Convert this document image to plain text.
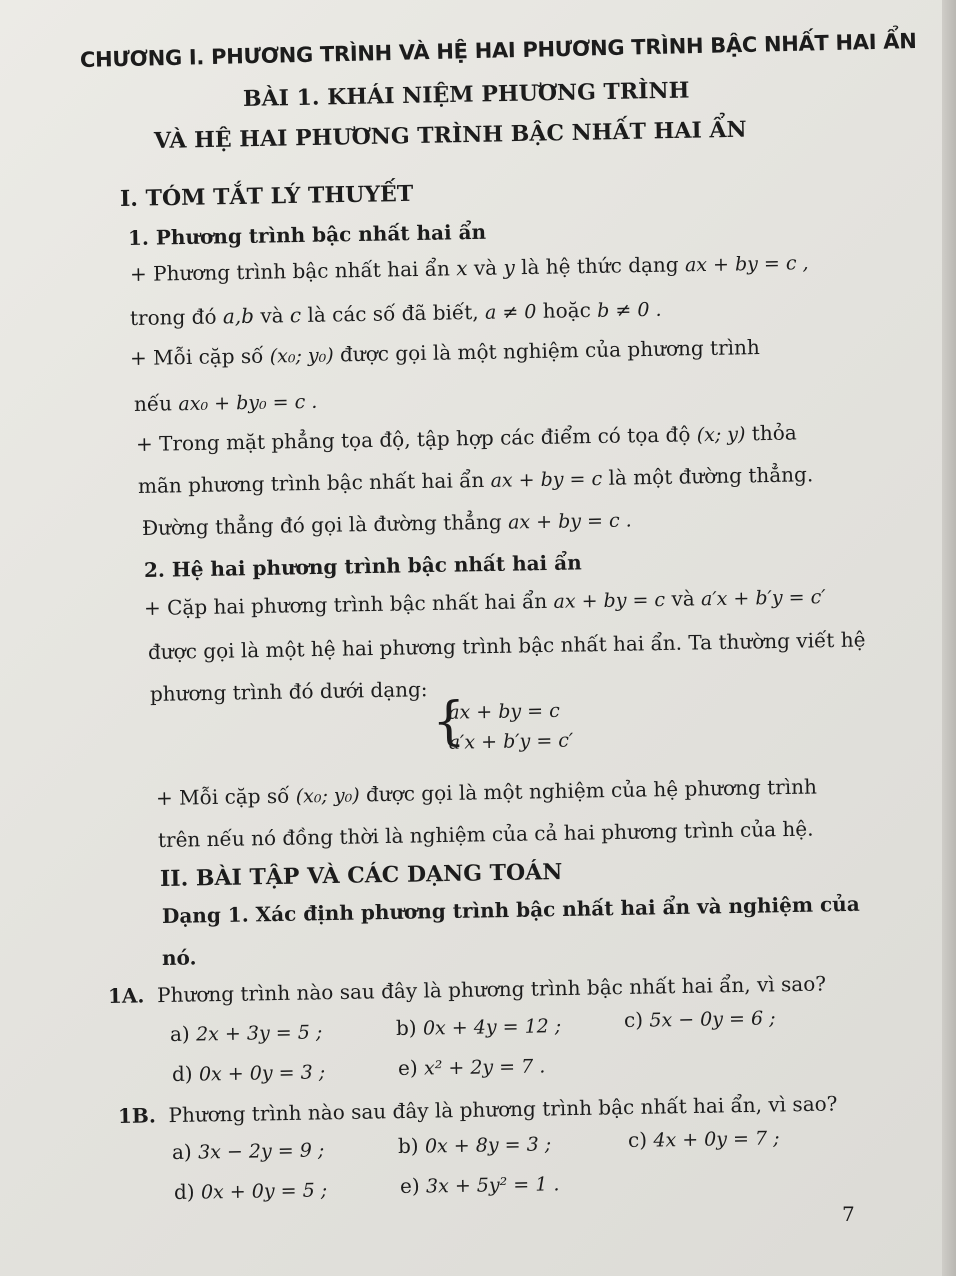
CHƯƠNG I. PHƯƠNG TRÌNH VÀ HỆ HAI PHƯƠNG TRÌNH BẬC NHẤT HAI ẨN
BÀI 1. KHÁI NIỆM PHƯƠNG TRÌNH
VÀ HỆ HAI PHƯƠNG TRÌNH BẬC NHẤT HAI ẨN
I. TÓM TẮT LÝ THUYẾT
1. Phương trình bậc nhất hai ẩn
+ Phương trình bậc nhất hai ẩn x và y là hệ thức dạng ax + by = c ,
trong đó a,b và c là các số đã biết, a ≠ 0 hoặc b ≠ 0 .
+ Mỗi cặp số (x₀; y₀) được gọi là một nghiệm của phương trình
nếu ax₀ + by₀ = c .
+ Trong mặt phẳng tọa độ, tập hợp các điểm có tọa độ (x; y) thỏa
mãn phương trình bậc nhất hai ẩn ax + by = c là một đường thẳng.
Đường thẳng đó gọi là đường thẳng ax + by = c .
2. Hệ hai phương trình bậc nhất hai ẩn
+ Cặp hai phương trình bậc nhất hai ẩn ax + by = c và a′x + b′y = c′
được gọi là một hệ hai phương trình bậc nhất hai ẩn. Ta thường viết hệ
phương trình đó dưới dạng: {
ax + by = c
a′x + b′y = c′
+ Mỗi cặp số (x₀; y₀) được gọi là một nghiệm của hệ phương trình
trên nếu nó đồng thời là nghiệm của cả hai phương trình của hệ.
II. BÀI TẬP VÀ CÁC DẠNG TOÁN
Dạng 1. Xác định phương trình bậc nhất hai ẩn và nghiệm của
nó.
1A. Phương trình nào sau đây là phương trình bậc nhất hai ẩn, vì sao?
a) 2x + 3y = 5 ;	b) 0x + 4y = 12 ;	c) 5x − 0y = 6 ;
d) 0x + 0y = 3 ;	e) x² + 2y = 7 .
1B. Phương trình nào sau đây là phương trình bậc nhất hai ẩn, vì sao?
a) 3x − 2y = 9 ;	b) 0x + 8y = 3 ;	c) 4x + 0y = 7 ;
d) 0x + 0y = 5 ;	e) 3x + 5y² = 1 .
7
